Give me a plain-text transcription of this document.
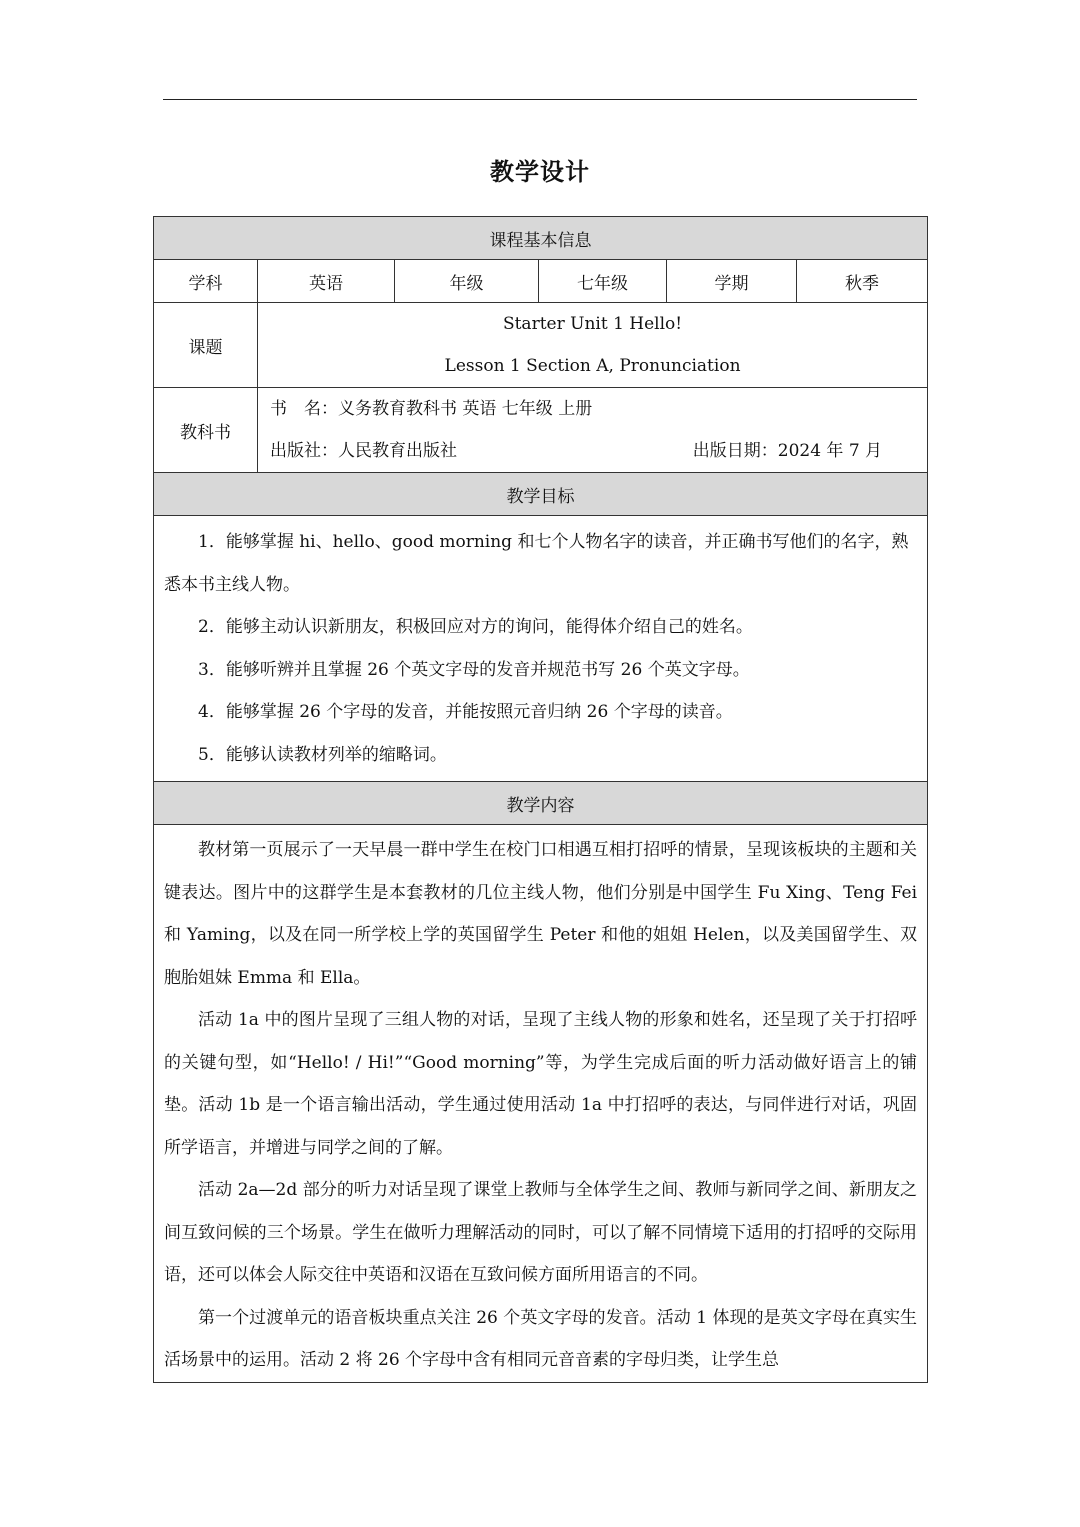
教学设计
课程基本信息					
学科	英语	年级	七年级	学期	秋季
课题	Starter Unit 1 Hello!
Lesson 1 Section A, Pronunciation				

教科书	书　名：义务教育教科书 英语 七年级 上册
出版社：人民教育出版社 出版日期：2024 年 7 月				

教学目标					

1．能够掌握 hi、hello、good morning 和七个人物名字的读音，并正确书写他们的名字，熟悉本书主线人物。

2．能够主动认识新朋友，积极回应对方的询问，能得体介绍自己的姓名。

3．能够听辨并且掌握 26 个英文字母的发音并规范书写 26 个英文字母。

4．能够掌握 26 个字母的发音，并能按照元音归纳 26 个字母的读音。

5．能够认读教材列举的缩略词。					

教学内容					

教材第一页展示了一天早晨一群中学生在校门口相遇互相打招呼的情景，呈现该板块的主题和关键表达。图片中的这群学生是本套教材的几位主线人物，他们分别是中国学生 Fu Xing、Teng Fei 和 Yaming，以及在同一所学校上学的英国留学生 Peter 和他的姐姐 Helen，以及美国留学生、双胞胎姐妹 Emma 和 Ella。

活动 1a 中的图片呈现了三组人物的对话，呈现了主线人物的形象和姓名，还呈现了关于打招呼的关键句型，如“Hello! / Hi!”“Good morning”等，为学生完成后面的听力活动做好语言上的铺垫。活动 1b 是一个语言输出活动，学生通过使用活动 1a 中打招呼的表达，与同伴进行对话，巩固所学语言，并增进与同学之间的了解。

活动 2a—2d 部分的听力对话呈现了课堂上教师与全体学生之间、教师与新同学之间、新朋友之间互致问候的三个场景。学生在做听力理解活动的同时，可以了解不同情境下适用的打招呼的交际用语，还可以体会人际交往中英语和汉语在互致问候方面所用语言的不同。

第一个过渡单元的语音板块重点关注 26 个英文字母的发音。活动 1 体现的是英文字母在真实生活场景中的运用。活动 2 将 26 个字母中含有相同元音音素的字母归类，让学生总					
